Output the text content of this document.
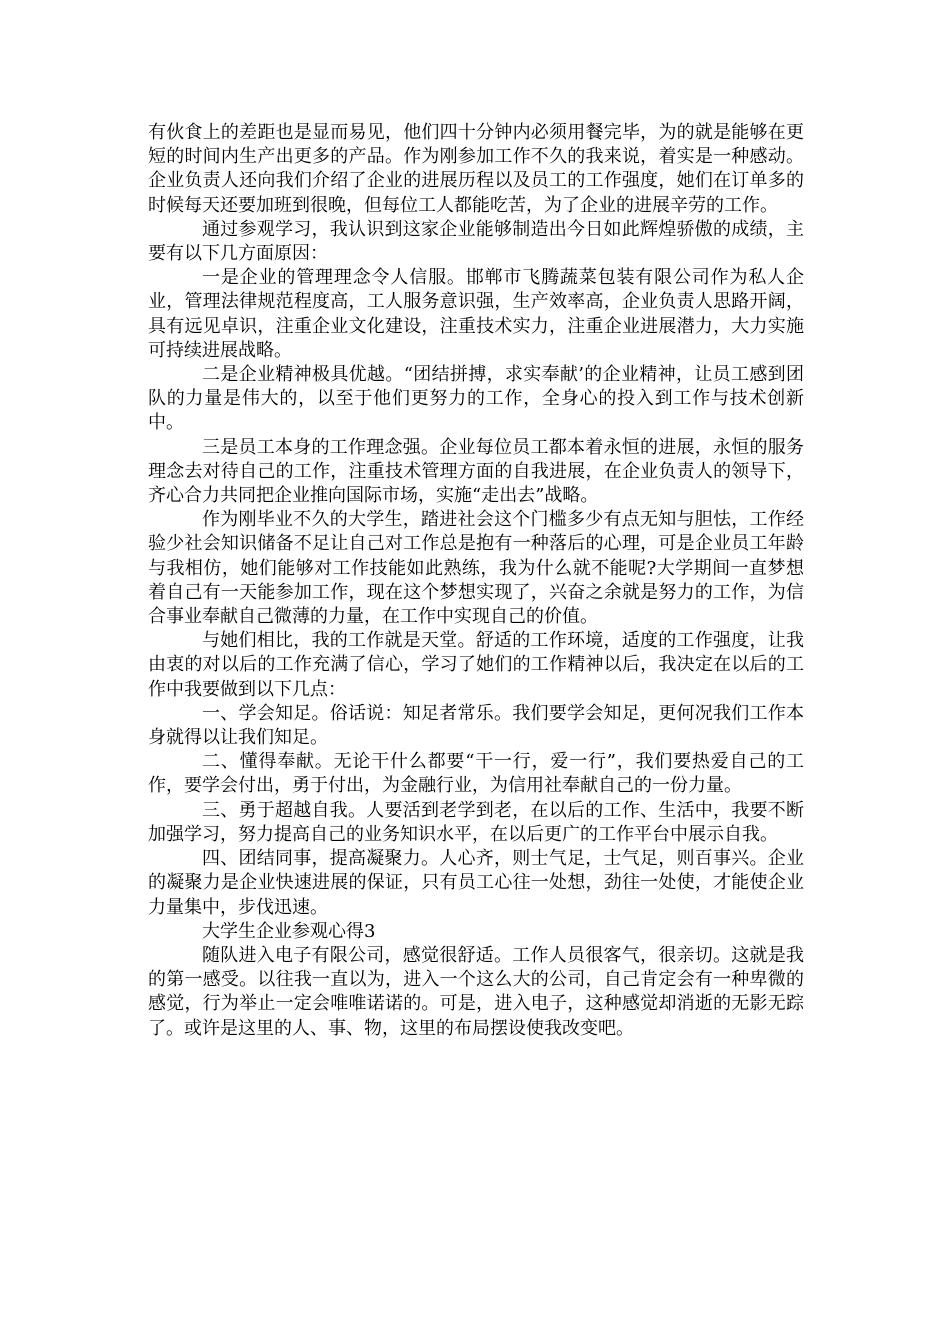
有伙食上的差距也是显而易见，他们四十分钟内必须用餐完毕，为的就是能够在更短的时间内生产出更多的产品。作为刚参加工作不久的我来说，着实是一种感动。企业负责人还向我们介绍了企业的进展历程以及员工的工作强度，她们在订单多的时候每天还要加班到很晚，但每位工人都能吃苦，为了企业的进展辛劳的工作。

通过参观学习，我认识到这家企业能够制造出今日如此辉煌骄傲的成绩，主要有以下几方面原因：

一是企业的管理理念令人信服。邯郸市飞腾蔬菜包装有限公司作为私人企业，管理法律规范程度高，工人服务意识强，生产效率高，企业负责人思路开阔，具有远见卓识，注重企业文化建设，注重技术实力，注重企业进展潜力，大力实施可持续进展战略。

二是企业精神极具优越。“团结拼搏，求实奉献’的企业精神，让员工感到团队的力量是伟大的，以至于他们更努力的工作，全身心的投入到工作与技术创新中。

三是员工本身的工作理念强。企业每位员工都本着永恒的进展，永恒的服务理念去对待自己的工作，注重技术管理方面的自我进展，在企业负责人的领导下，齐心合力共同把企业推向国际市场，实施“走出去”战略。

作为刚毕业不久的大学生，踏进社会这个门槛多少有点无知与胆怯，工作经验少社会知识储备不足让自己对工作总是抱有一种落后的心理，可是企业员工年龄与我相仿，她们能够对工作技能如此熟练，我为什么就不能呢?大学期间一直梦想着自己有一天能参加工作，现在这个梦想实现了，兴奋之余就是努力的工作，为信合事业奉献自己微薄的力量，在工作中实现自己的价值。

与她们相比，我的工作就是天堂。舒适的工作环境，适度的工作强度，让我由衷的对以后的工作充满了信心，学习了她们的工作精神以后，我决定在以后的工作中我要做到以下几点：

一、学会知足。俗话说：知足者常乐。我们要学会知足，更何况我们工作本身就得以让我们知足。

二、懂得奉献。无论干什么都要“干一行，爱一行”，我们要热爱自己的工作，要学会付出，勇于付出，为金融行业，为信用社奉献自己的一份力量。

三、勇于超越自我。人要活到老学到老，在以后的工作、生活中，我要不断加强学习，努力提高自己的业务知识水平，在以后更广的工作平台中展示自我。

四、团结同事，提高凝聚力。人心齐，则士气足，士气足，则百事兴。企业的凝聚力是企业快速进展的保证，只有员工心往一处想，劲往一处使，才能使企业力量集中，步伐迅速。

大学生企业参观心得3

随队进入电子有限公司，感觉很舒适。工作人员很客气，很亲切。这就是我的第一感受。以往我一直以为，进入一个这么大的公司，自己肯定会有一种卑微的感觉，行为举止一定会唯唯诺诺的。可是，进入电子，这种感觉却消逝的无影无踪了。或许是这里的人、事、物，这里的布局摆设使我改变吧。
